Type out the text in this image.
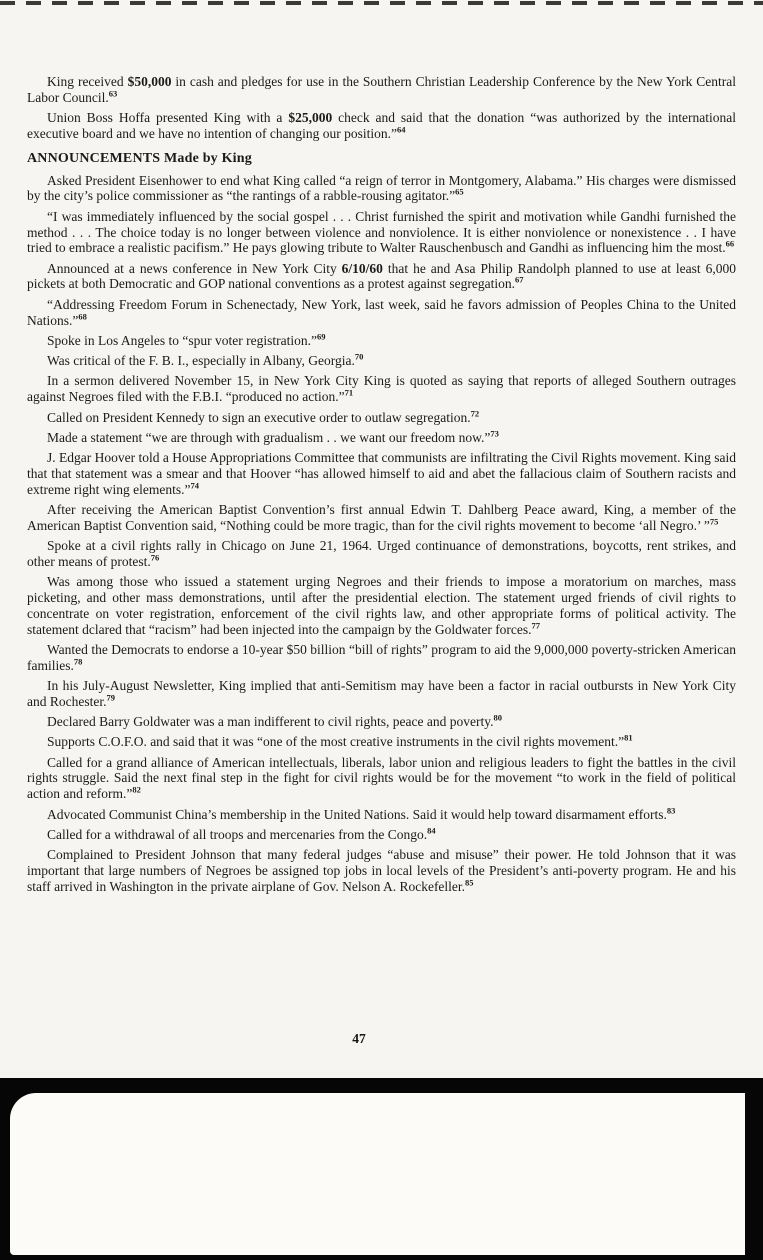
King received $50,000 in cash and pledges for use in the Southern Christian Leadership Conference by the New York Central Labor Council.$^{63}$

Union Boss Hoffa presented King with a $25,000 check and said that the donation “was authorized by the international executive board and we have no intention of changing our position.”$^{64}$

ANNOUNCEMENTS Made by King

Asked President Eisenhower to end what King called “a reign of terror in Montgomery, Alabama.” His charges were dismissed by the city’s police commissioner as “the rantings of a rabble-rousing agitator.”$^{65}$

“I was immediately influenced by the social gospel . . . Christ furnished the spirit and motivation while Gandhi furnished the method . . . The choice today is no longer between violence and nonviolence. It is either nonviolence or nonexistence . . I have tried to embrace a realistic pacifism.” He pays glowing tribute to Walter Rauschenbusch and Gandhi as influencing him the most.$^{66}$

Announced at a news conference in New York City 6/10/60 that he and Asa Philip Randolph planned to use at least 6,000 pickets at both Democratic and GOP national conventions as a protest against segregation.$^{67}$

“Addressing Freedom Forum in Schenectady, New York, last week, said he favors admission of Peoples China to the United Nations.”$^{68}$

Spoke in Los Angeles to “spur voter registration.”$^{69}$

Was critical of the F. B. I., especially in Albany, Georgia.$^{70}$

In a sermon delivered November 15, in New York City King is quoted as saying that reports of alleged Southern outrages against Negroes filed with the F.B.I. “produced no action.”$^{71}$

Called on President Kennedy to sign an executive order to outlaw segregation.$^{72}$

Made a statement “we are through with gradualism . . we want our freedom now.”$^{73}$

J. Edgar Hoover told a House Appropriations Committee that communists are infiltrating the Civil Rights movement. King said that that statement was a smear and that Hoover “has allowed himself to aid and abet the fallacious claim of Southern racists and extreme right wing elements.”$^{74}$

After receiving the American Baptist Convention’s first annual Edwin T. Dahlberg Peace award, King, a member of the American Baptist Convention said, “Nothing could be more tragic, than for the civil rights movement to become ‘all Negro.’ ”$^{75}$

Spoke at a civil rights rally in Chicago on June 21, 1964. Urged continuance of demonstrations, boycotts, rent strikes, and other means of protest.$^{76}$

Was among those who issued a statement urging Negroes and their friends to impose a moratorium on marches, mass picketing, and other mass demonstrations, until after the presidential election. The statement urged friends of civil rights to concentrate on voter registration, enforcement of the civil rights law, and other appropriate forms of political activity. The statement dclared that “racism” had been injected into the campaign by the Goldwater forces.$^{77}$

Wanted the Democrats to endorse a 10-year $50 billion “bill of rights” program to aid the 9,000,000 poverty-stricken American families.$^{78}$

In his July-August Newsletter, King implied that anti-Semitism may have been a factor in racial outbursts in New York City and Rochester.$^{79}$

Declared Barry Goldwater was a man indifferent to civil rights, peace and poverty.$^{80}$

Supports C.O.F.O. and said that it was “one of the most creative instruments in the civil rights movement.”$^{81}$

Called for a grand alliance of American intellectuals, liberals, labor union and religious leaders to fight the battles in the civil rights struggle. Said the next final step in the fight for civil rights would be for the movement “to work in the field of political action and reform.”$^{82}$

Advocated Communist China’s membership in the United Nations. Said it would help toward disarmament efforts.$^{83}$

Called for a withdrawal of all troops and mercenaries from the Congo.$^{84}$

Complained to President Johnson that many federal judges “abuse and misuse” their power. He told Johnson that it was important that large numbers of Negroes be assigned top jobs in local levels of the President’s anti-poverty program. He and his staff arrived in Washington in the private airplane of Gov. Nelson A. Rockefeller.$^{85}$

47
